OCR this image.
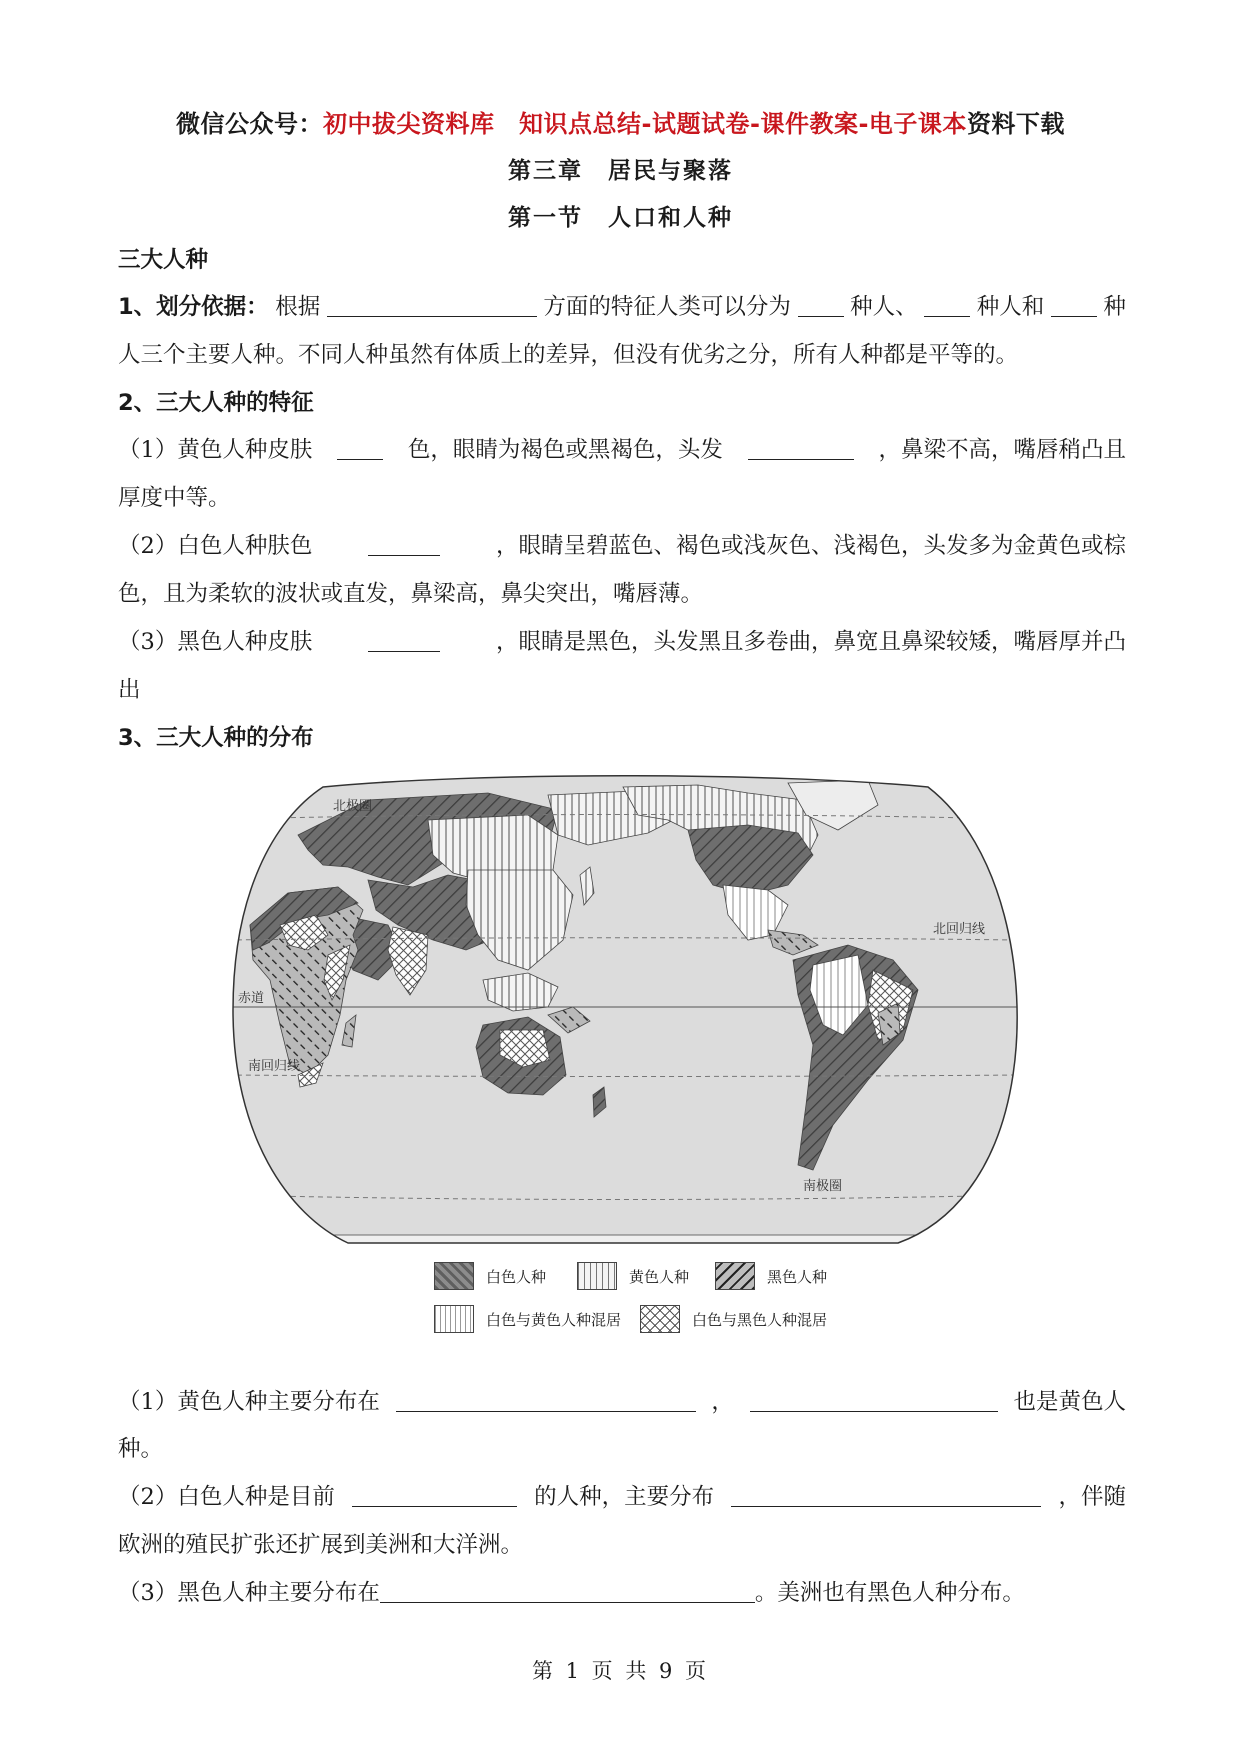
微信公众号：初中拔尖资料库　知识点总结-试题试卷-课件教案-电子课本资料下载
第三章　居民与聚落
第一节　人口和人种
三大人种
1、划分依据： 根据	方面的特征人类可以分为	种人、	种人和	种
人三个主要人种。不同人种虽然有体质上的差异，但没有优劣之分，所有人种都是平等的。
2、三大人种的特征
（1）黄色人种皮肤	色，眼睛为褐色或黑褐色，头发	，鼻梁不高，嘴唇稍凸且
厚度中等。
（2）白色人种肤色	，眼睛呈碧蓝色、褐色或浅灰色、浅褐色，头发多为金黄色或棕
色，且为柔软的波状或直发，鼻梁高，鼻尖突出，嘴唇薄。
（3）黑色人种皮肤	，眼睛是黑色，头发黑且多卷曲，鼻宽且鼻梁较矮，嘴唇厚并凸
出
3、三大人种的分布
北极圈
北回归线
赤道
南回归线
南极圈
白色人种	黄色人种	黑色人种
白色与黄色人种混居	白色与黑色人种混居
（1）黄色人种主要分布在	，	也是黄色人
种。
（2）白色人种是目前	的人种，主要分布	，伴随
欧洲的殖民扩张还扩展到美洲和大洋洲。
（3）黑色人种主要分布在	。美洲也有黑色人种分布。
第 1 页 共 9 页
